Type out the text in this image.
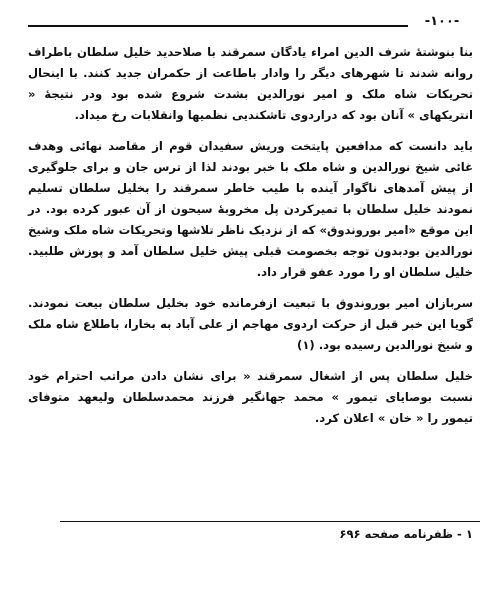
-۱۰۰-

بنا بنوشتهٔ شرف الدین امراء یادگان سمرقند با صلاحدید خلیل سلطان باطراف روانه شدند تا شهرهای دیگر را وادار باطاعت از حکمران جدید کنند. با اینحال تحریکات شاه ملک و امیر نورالدین بشدت شروع شده بود ودر نتیجهٔ « انتریکهای » آنان بود که دراردوی تاشکندیی نظمیها وانقلابات رخ میداد.

باید دانست که مدافعین پایتخت وریش سفیدان قوم از مقاصد نهائی وهدف غائی شیخ نورالدین و شاه ملک با خبر بودند لذا از ترس جان و برای جلوگیری از پیش آمدهای ناگوار آینده با طیب خاطر سمرقند را بخلیل سلطان تسلیم نمودند خلیل سلطان با تمیرکردن پل مخروبهٔ سیحون از آن عبور کرده بود. در این موقع «امیر بوروندوق» که از نزدیک ناظر تلاشها وتحریکات شاه ملک وشیخ نورالدین بودبدون توجه بخصومت قبلی پیش خلیل سلطان آمد و پوزش طلبید. خلیل سلطان او را مورد عفو قرار داد.

سربازان امیر بوروندوق با تبعیت ازفرمانده خود بخلیل سلطان بیعت نمودند. گویا این خبر قبل از حرکت اردوی مهاجم از علی آباد به بخارا، باطلاع شاه ملک و شیخ نورالدین رسیده بود. (۱)

خلیل سلطان پس از اشغال سمرقند « برای نشان دادن مراتب احترام خود نسبت بوصایای تیمور » محمد جهانگیر فرزند محمدسلطان ولیعهد متوفای تیمور را « خان » اعلان کرد.

۱ - ظفرنامه صفحه ۶۹۶
